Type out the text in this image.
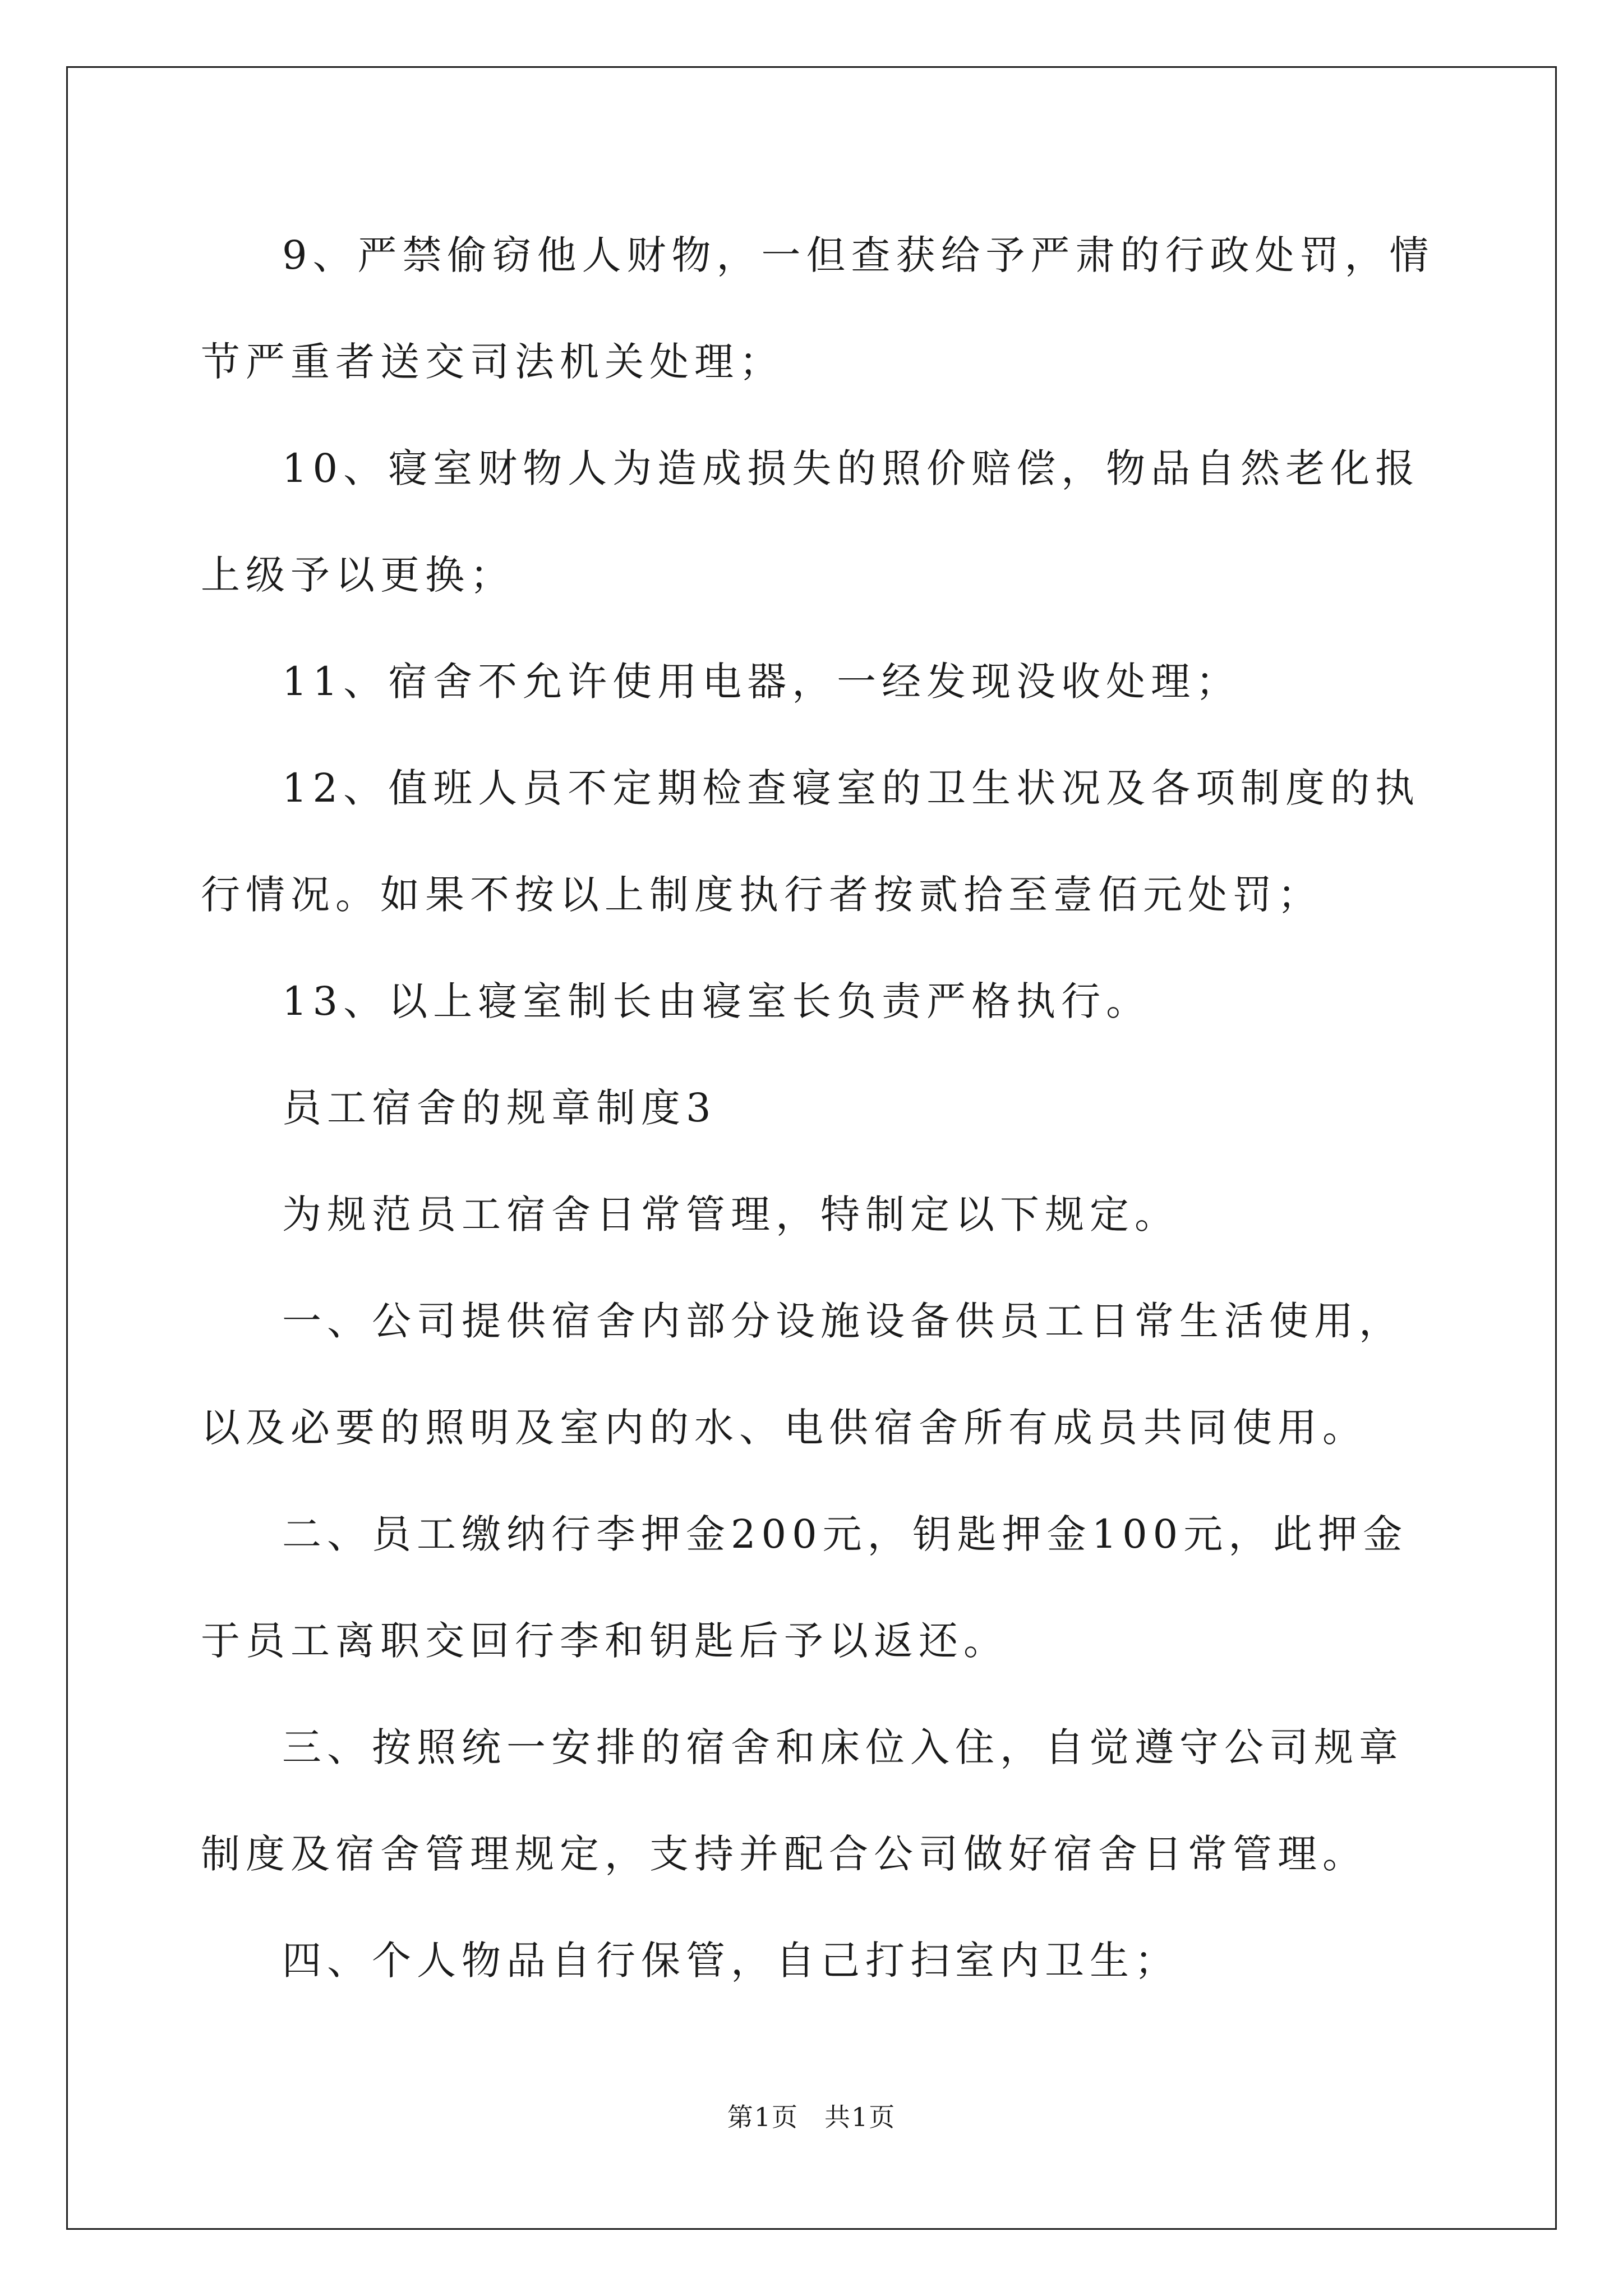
9、严禁偷窃他人财物，一但查获给予严肃的行政处罚，情节严重者送交司法机关处理；

10、寝室财物人为造成损失的照价赔偿，物品自然老化报上级予以更换；

11、宿舍不允许使用电器，一经发现没收处理；

12、值班人员不定期检查寝室的卫生状况及各项制度的执行情况。如果不按以上制度执行者按贰拾至壹佰元处罚；

13、以上寝室制长由寝室长负责严格执行。

员工宿舍的规章制度3

为规范员工宿舍日常管理，特制定以下规定。

一、公司提供宿舍内部分设施设备供员工日常生活使用，以及必要的照明及室内的水、电供宿舍所有成员共同使用。

二、员工缴纳行李押金200元，钥匙押金100元，此押金于员工离职交回行李和钥匙后予以返还。

三、按照统一安排的宿舍和床位入住，自觉遵守公司规章制度及宿舍管理规定，支持并配合公司做好宿舍日常管理。

四、个人物品自行保管，自己打扫室内卫生；

第1页 共1页
